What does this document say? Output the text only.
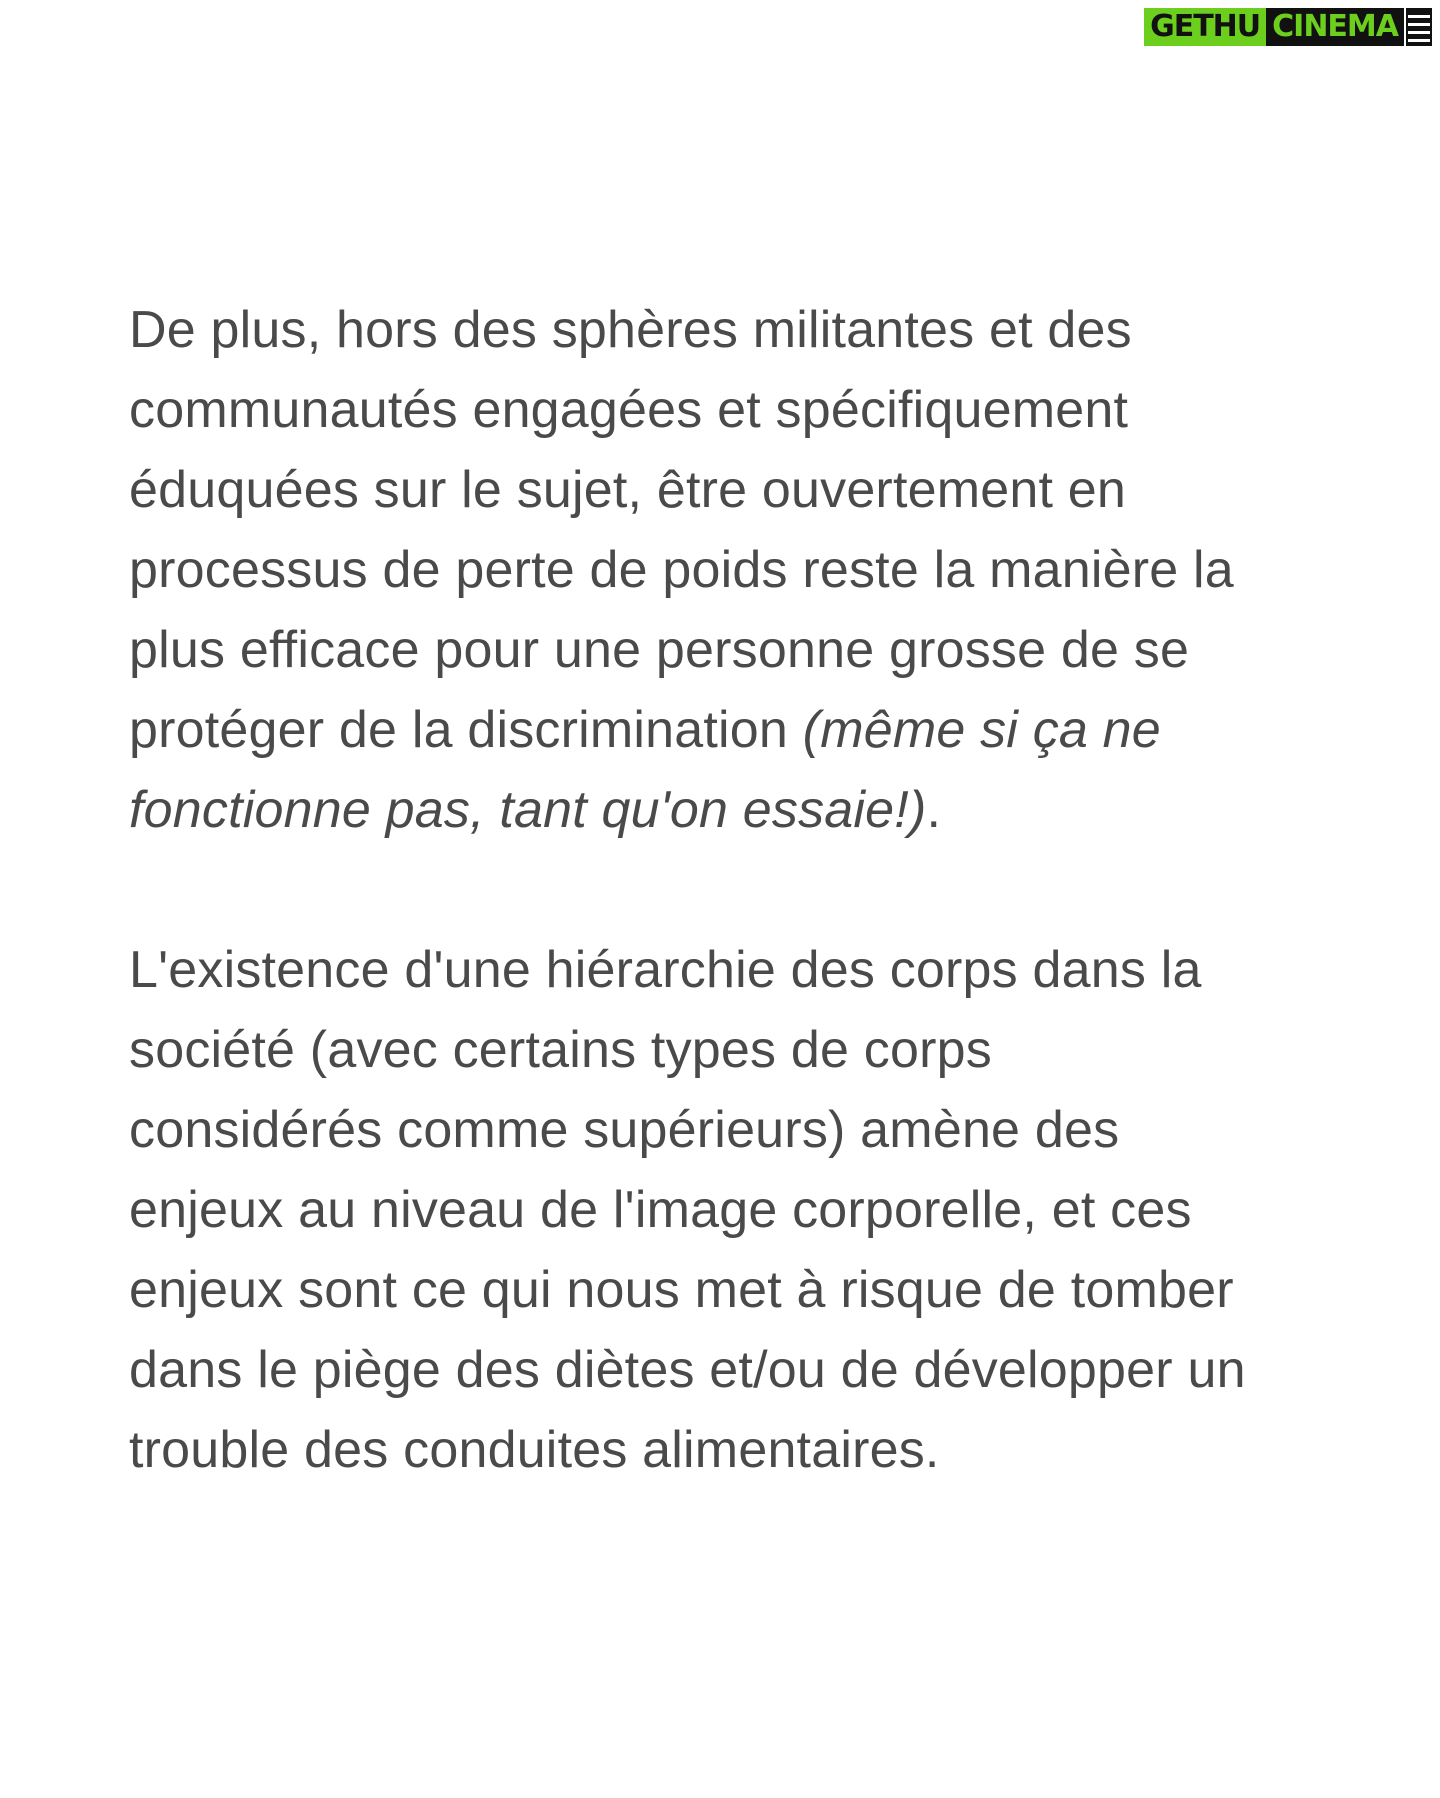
GETHU CINEMA

De plus, hors des sphères militantes et des
communautés engagées et spécifiquement
éduquées sur le sujet, être ouvertement en
processus de perte de poids reste la manière la
plus efficace pour une personne grosse de se
protéger de la discrimination (même si ça ne
fonctionne pas, tant qu'on essaie!).

L'existence d'une hiérarchie des corps dans la
société (avec certains types de corps
considérés comme supérieurs) amène des
enjeux au niveau de l'image corporelle, et ces
enjeux sont ce qui nous met à risque de tomber
dans le piège des diètes et/ou de développer un
trouble des conduites alimentaires.
